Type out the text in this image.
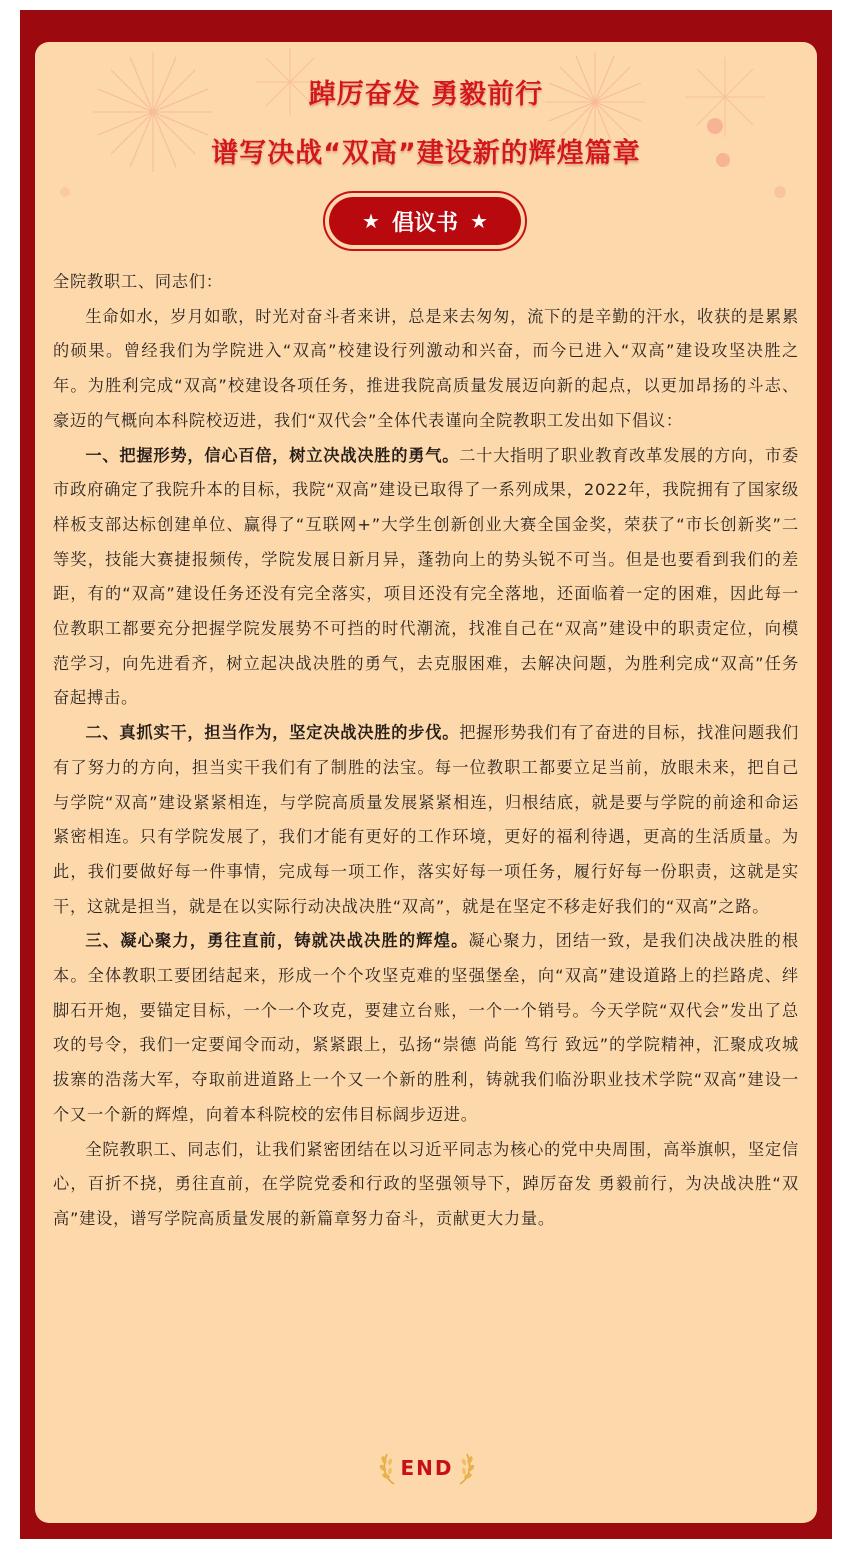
踔厉奋发 勇毅前行
谱写决战“双高”建设新的辉煌篇章
★ 倡议书 ★

全院教职工、同志们：

生命如水，岁月如歌，时光对奋斗者来讲，总是来去匆匆，流下的是辛勤的汗水，收获的是累累的硕果。曾经我们为学院进入“双高”校建设行列激动和兴奋，而今已进入“双高”建设攻坚决胜之年。为胜利完成“双高”校建设各项任务，推进我院高质量发展迈向新的起点，以更加昂扬的斗志、豪迈的气概向本科院校迈进，我们“双代会”全体代表谨向全院教职工发出如下倡议：

一、把握形势，信心百倍，树立决战决胜的勇气。二十大指明了职业教育改革发展的方向，市委市政府确定了我院升本的目标，我院“双高”建设已取得了一系列成果，2022年，我院拥有了国家级样板支部达标创建单位、赢得了“互联网+”大学生创新创业大赛全国金奖，荣获了“市长创新奖”二等奖，技能大赛捷报频传，学院发展日新月异，蓬勃向上的势头锐不可当。但是也要看到我们的差距，有的“双高”建设任务还没有完全落实，项目还没有完全落地，还面临着一定的困难，因此每一位教职工都要充分把握学院发展势不可挡的时代潮流，找准自己在“双高”建设中的职责定位，向模范学习，向先进看齐，树立起决战决胜的勇气，去克服困难，去解决问题，为胜利完成“双高”任务奋起搏击。

二、真抓实干，担当作为，坚定决战决胜的步伐。把握形势我们有了奋进的目标，找准问题我们有了努力的方向，担当实干我们有了制胜的法宝。每一位教职工都要立足当前，放眼未来，把自己与学院“双高”建设紧紧相连，与学院高质量发展紧紧相连，归根结底，就是要与学院的前途和命运紧密相连。只有学院发展了，我们才能有更好的工作环境，更好的福利待遇，更高的生活质量。为此，我们要做好每一件事情，完成每一项工作，落实好每一项任务，履行好每一份职责，这就是实干，这就是担当，就是在以实际行动决战决胜“双高”，就是在坚定不移走好我们的“双高”之路。

三、凝心聚力，勇往直前，铸就决战决胜的辉煌。凝心聚力，团结一致，是我们决战决胜的根本。全体教职工要团结起来，形成一个个攻坚克难的坚强堡垒，向“双高”建设道路上的拦路虎、绊脚石开炮，要锚定目标，一个一个攻克，要建立台账，一个一个销号。今天学院“双代会”发出了总攻的号令，我们一定要闻令而动，紧紧跟上，弘扬“崇德 尚能 笃行 致远”的学院精神，汇聚成攻城拔寨的浩荡大军，夺取前进道路上一个又一个新的胜利，铸就我们临汾职业技术学院“双高”建设一个又一个新的辉煌，向着本科院校的宏伟目标阔步迈进。

全院教职工、同志们，让我们紧密团结在以习近平同志为核心的党中央周围，高举旗帜，坚定信心，百折不挠，勇往直前，在学院党委和行政的坚强领导下，踔厉奋发 勇毅前行，为决战决胜“双高”建设，谱写学院高质量发展的新篇章努力奋斗，贡献更大力量。

END
